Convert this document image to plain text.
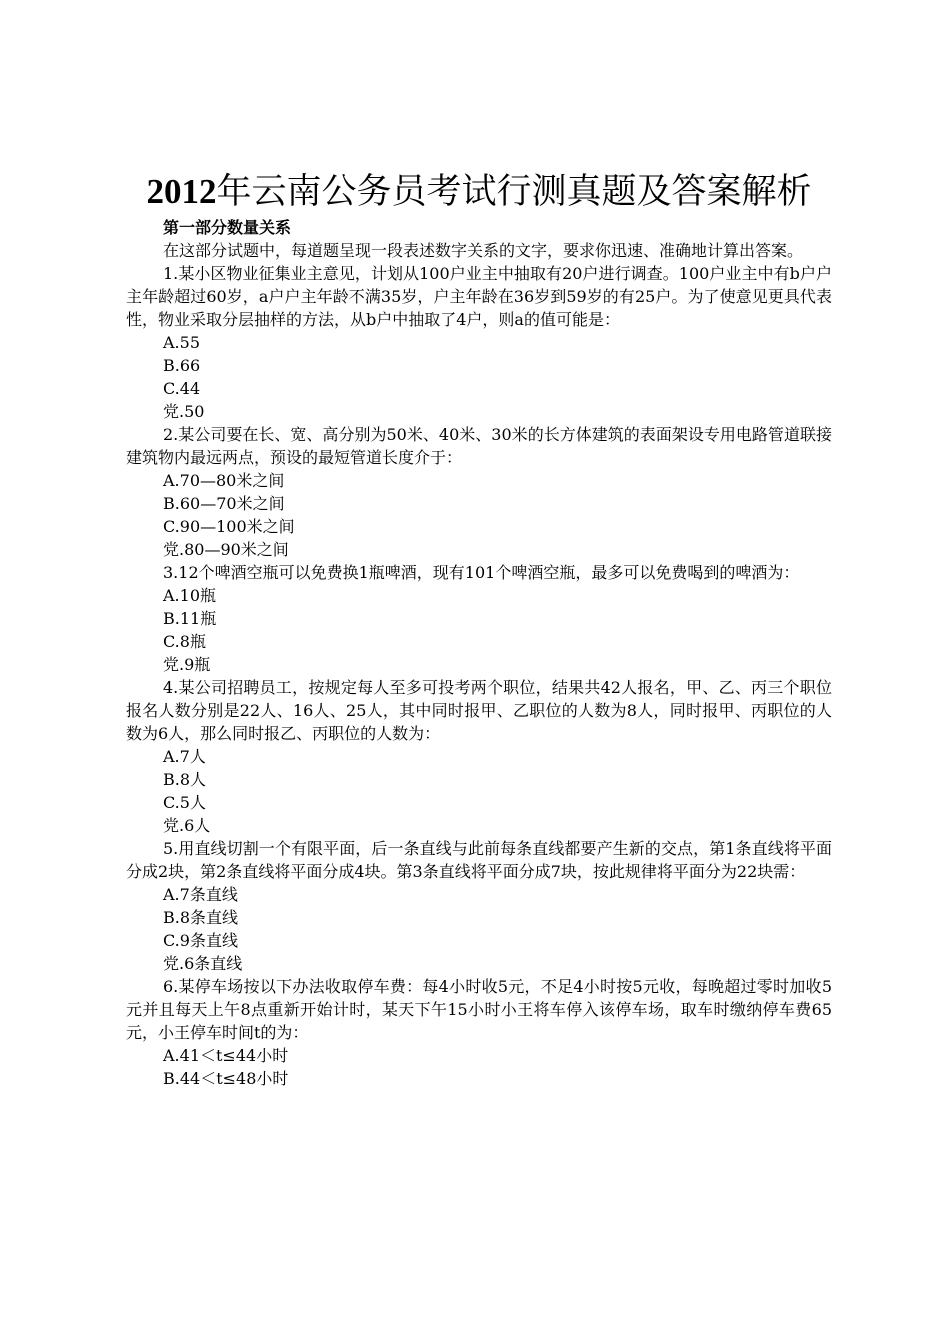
2012年云南公务员考试行测真题及答案解析

第一部分数量关系

在这部分试题中，每道题呈现一段表述数字关系的文字，要求你迅速、准确地计算出答案。

1.某小区物业征集业主意见，计划从100户业主中抽取有20户进行调查。100户业主中有b户户主年龄超过60岁，a户户主年龄不满35岁，户主年龄在36岁到59岁的有25户。为了使意见更具代表性，物业采取分层抽样的方法，从b户中抽取了4户，则a的值可能是：

A.55

B.66

C.44

党.50

2.某公司要在长、宽、高分别为50米、40米、30米的长方体建筑的表面架设专用电路管道联接建筑物内最远两点，预设的最短管道长度介于：

A.70—80米之间

B.60—70米之间

C.90—100米之间

党.80—90米之间

3.12个啤酒空瓶可以免费换1瓶啤酒，现有101个啤酒空瓶，最多可以免费喝到的啤酒为：

A.10瓶

B.11瓶

C.8瓶

党.9瓶

4.某公司招聘员工，按规定每人至多可投考两个职位，结果共42人报名，甲、乙、丙三个职位报名人数分别是22人、16人、25人，其中同时报甲、乙职位的人数为8人，同时报甲、丙职位的人数为6人，那么同时报乙、丙职位的人数为：

A.7人

B.8人

C.5人

党.6人

5.用直线切割一个有限平面，后一条直线与此前每条直线都要产生新的交点，第1条直线将平面分成2块，第2条直线将平面分成4块。第3条直线将平面分成7块，按此规律将平面分为22块需：

A.7条直线

B.8条直线

C.9条直线

党.6条直线

6.某停车场按以下办法收取停车费：每4小时收5元，不足4小时按5元收，每晚超过零时加收5元并且每天上午8点重新开始计时，某天下午15小时小王将车停入该停车场，取车时缴纳停车费65元，小王停车时间t的为：

A.41＜t≤44小时

B.44＜t≤48小时
